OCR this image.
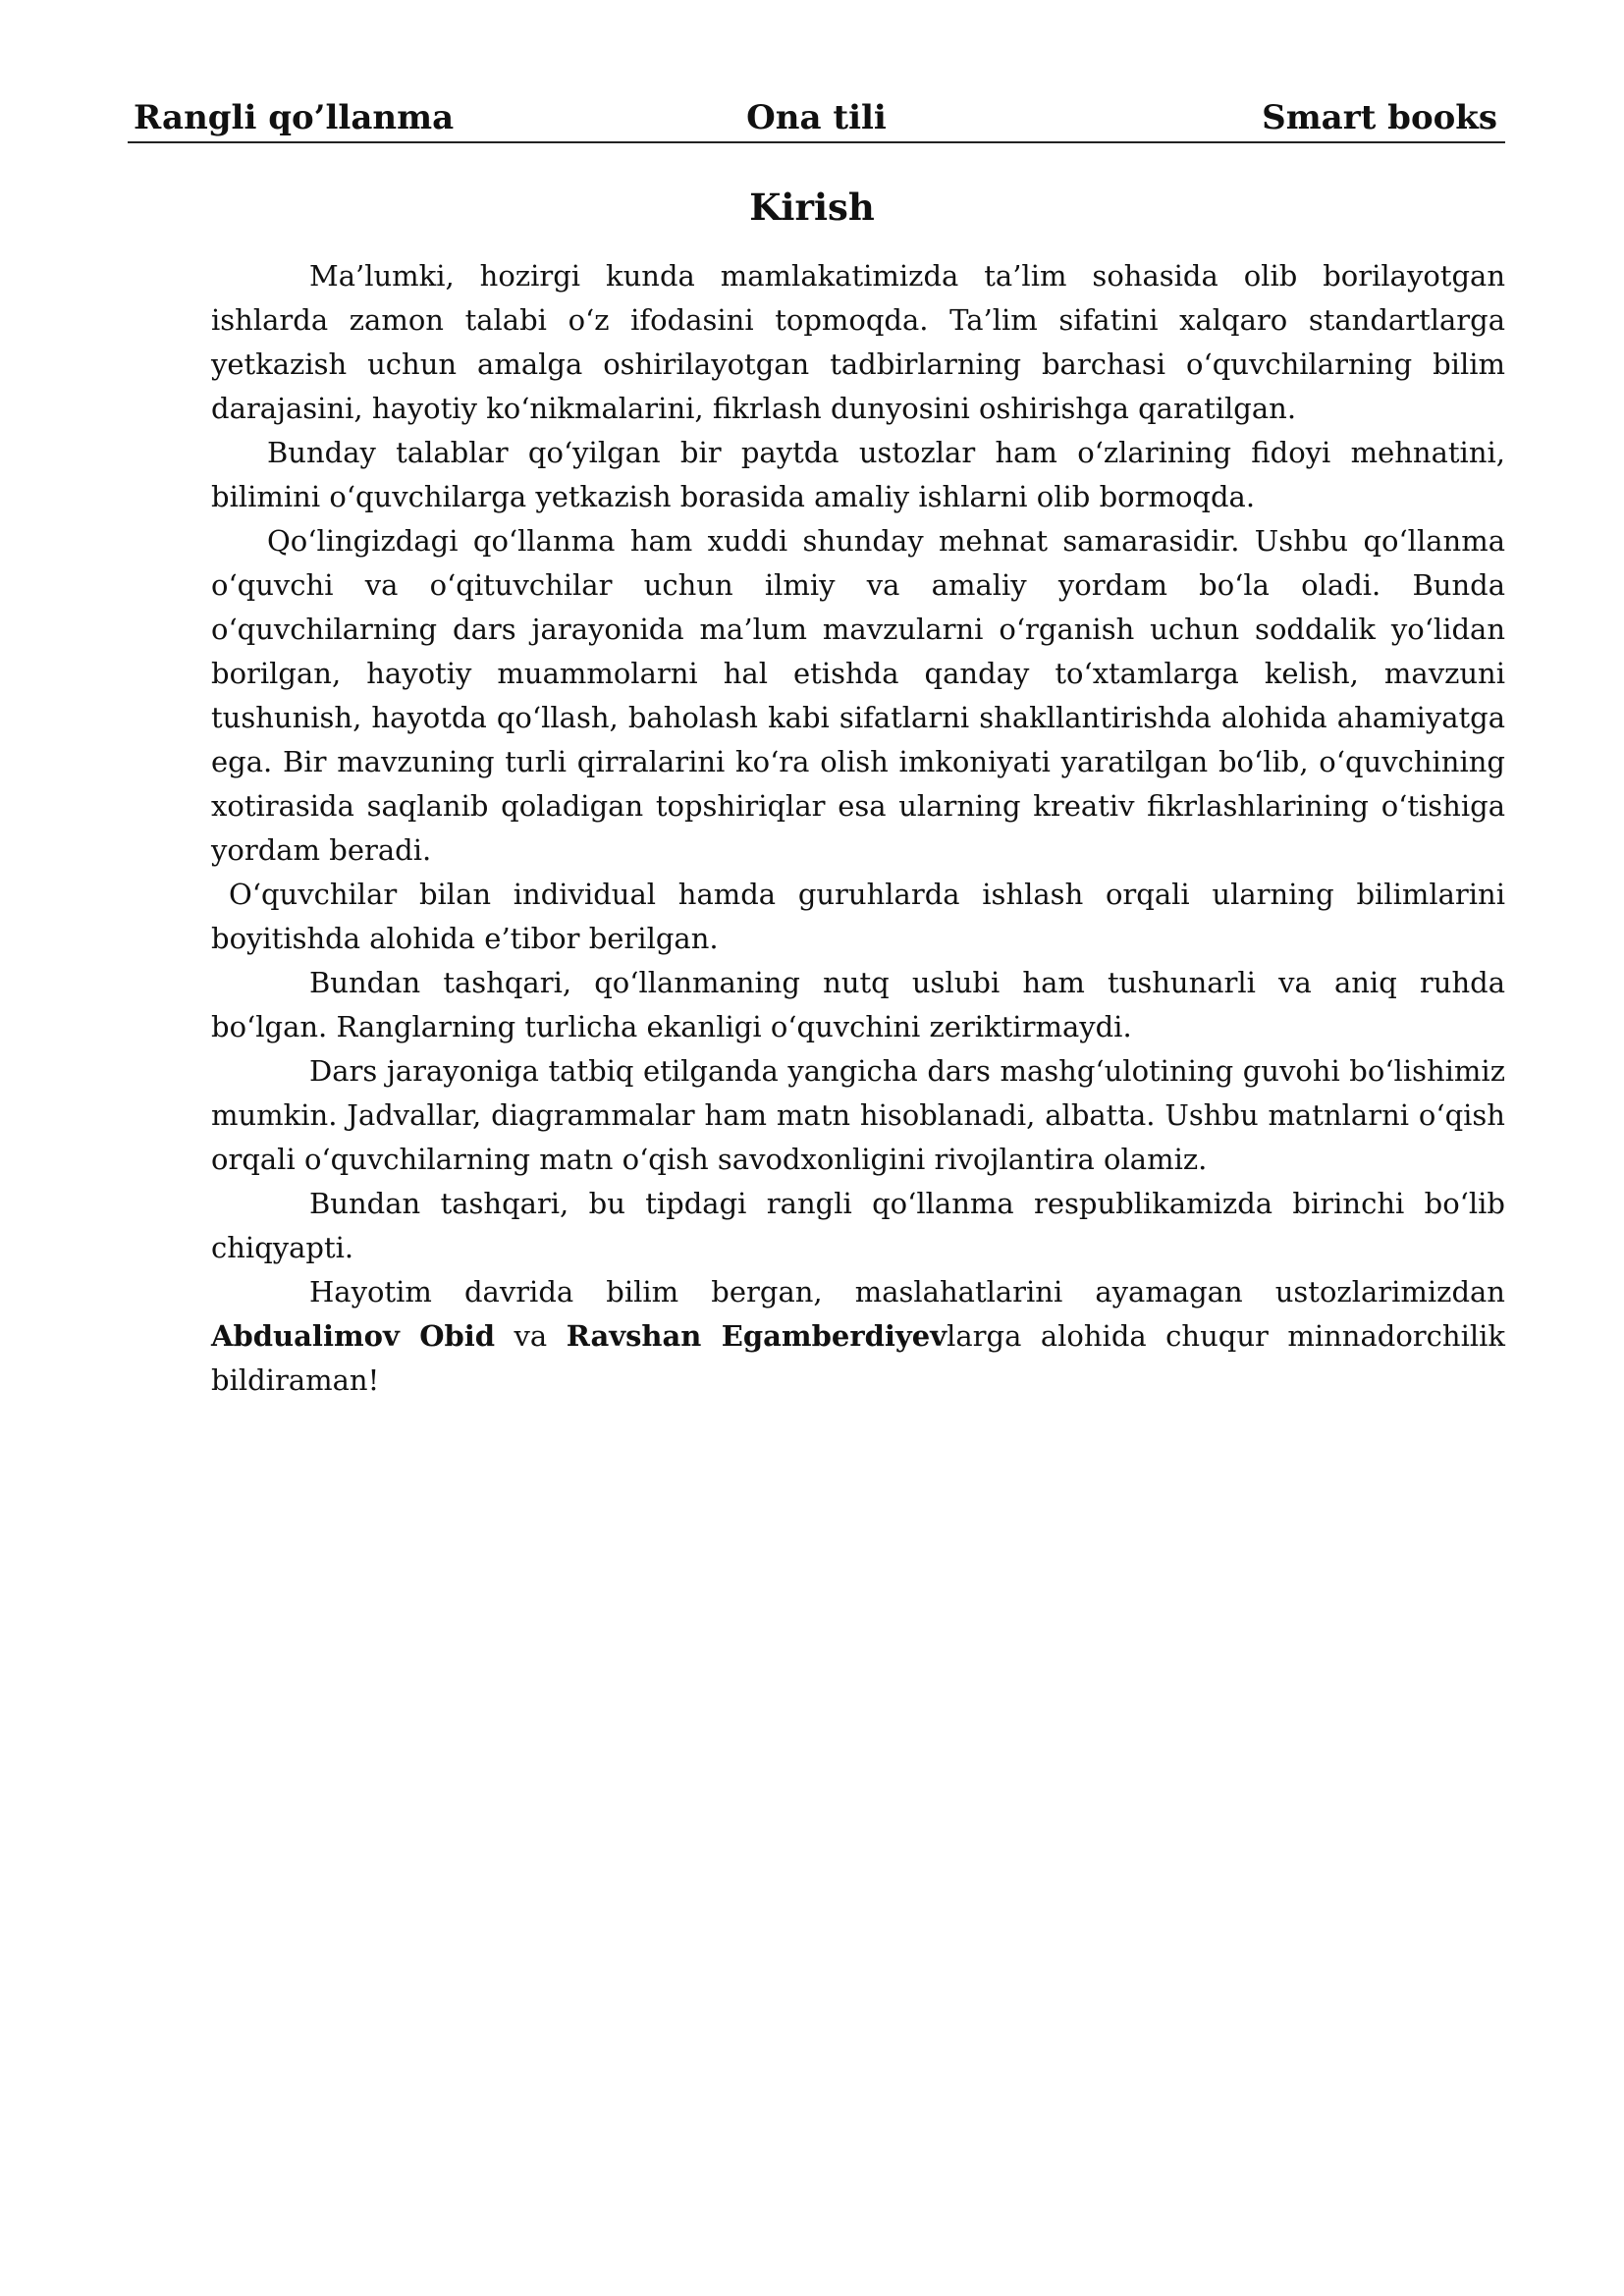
Rangli qo’llanma	Ona tili	Smart books
Kirish

Ma’lumki, hozirgi kunda mamlakatimizda ta’lim sohasida olib borilayotgan ishlarda zamon talabi o‘z ifodasini topmoqda. Ta’lim sifatini xalqaro standartlarga yetkazish uchun amalga oshirilayotgan tadbirlarning barchasi o‘quvchilarning bilim darajasini, hayotiy ko‘nikmalarini, fikrlash dunyosini oshirishga qaratilgan.

Bunday talablar qo‘yilgan bir paytda ustozlar ham o‘zlarining fidoyi mehnatini, bilimini o‘quvchilarga yetkazish borasida amaliy ishlarni olib bormoqda.

Qo‘lingizdagi qo‘llanma ham xuddi shunday mehnat samarasidir. Ushbu qo‘llanma o‘quvchi va o‘qituvchilar uchun ilmiy va amaliy yordam bo‘la oladi. Bunda o‘quvchilarning dars jarayonida ma’lum mavzularni o‘rganish uchun soddalik yo‘lidan borilgan, hayotiy muammolarni hal etishda qanday to‘xtamlarga kelish, mavzuni tushunish, hayotda qo‘llash, baholash kabi sifatlarni shakllantirishda alohida ahamiyatga ega. Bir mavzuning turli qirralarini ko‘ra olish imkoniyati yaratilgan bo‘lib, o‘quvchining xotirasida saqlanib qoladigan topshiriqlar esa ularning kreativ fikrlashlarining o‘tishiga yordam beradi.

O‘quvchilar bilan individual hamda guruhlarda ishlash orqali ularning bilimlarini boyitishda alohida e’tibor berilgan.

Bundan tashqari, qo‘llanmaning nutq uslubi ham tushunarli va aniq ruhda bo‘lgan. Ranglarning turlicha ekanligi o‘quvchini zeriktirmaydi.

Dars jarayoniga tatbiq etilganda yangicha dars mashg‘ulotining guvohi bo‘lishimiz mumkin. Jadvallar, diagrammalar ham matn hisoblanadi, albatta. Ushbu matnlarni o‘qish orqali o‘quvchilarning matn o‘qish savodxonligini rivojlantira olamiz.

Bundan tashqari, bu tipdagi rangli qo‘llanma respublikamizda birinchi bo‘lib chiqyapti.

Hayotim davrida bilim bergan, maslahatlarini ayamagan ustozlarimizdan Abdualimov Obid va Ravshan Egamberdiyevlarga alohida chuqur minnadorchilik bildiraman!
